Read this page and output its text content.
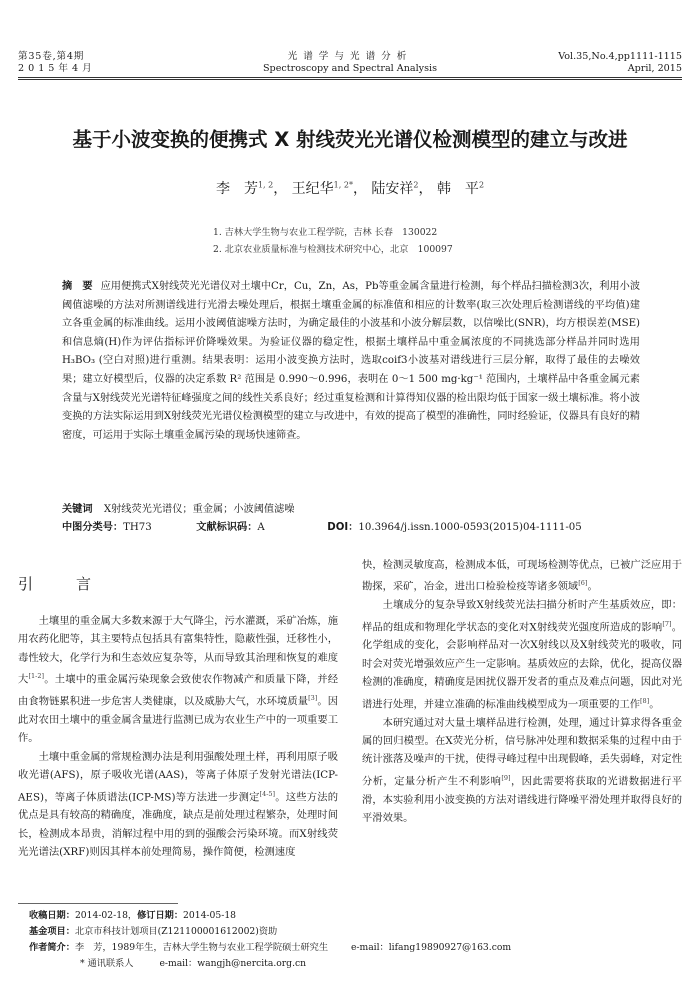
第35卷,第4期
2015年4月
光谱学与光谱分析
Spectroscopy and Spectral Analysis
Vol.35,No.4,pp1111-1115
April, 2015
基于小波变换的便携式 X 射线荧光光谱仪检测模型的建立与改进
李　芳$^{1, 2}$， 王纪华$^{1, 2*}$， 陆安祥$^2$， 韩　平$^2$
1. 吉林大学生物与农业工程学院，吉林 长春　130022
2. 北京农业质量标准与检测技术研究中心，北京　100097
摘　要 应用便携式X射线荧光光谱仪对土壤中Cr，Cu，Zn，As，Pb等重金属含量进行检测，每个样品扫描检测3次，利用小波阈值滤噪的方法对所测谱线进行光滑去噪处理后，根据土壤重金属的标准值和相应的计数率(取三次处理后检测谱线的平均值)建立各重金属的标准曲线。运用小波阈值滤噪方法时，为确定最佳的小波基和小波分解层数，以信噪比(SNR)，均方根误差(MSE)和信息熵(H)作为评估指标评价降噪效果。为验证仪器的稳定性，根据土壤样品中重金属浓度的不同挑选部分样品并同时选用 H₃BO₃ (空白对照)进行重测。结果表明：运用小波变换方法时，选取coif3小波基对谱线进行三层分解，取得了最佳的去噪效果；建立好模型后，仪器的决定系数 R² 范围是 0.990～0.996，表明在 0～1 500 mg·kg⁻¹ 范围内，土壤样品中各重金属元素含量与X射线荧光光谱特征峰强度之间的线性关系良好；经过重复检测和计算得知仪器的检出限均低于国家一级土壤标准。将小波变换的方法实际运用到X射线荧光光谱仪检测模型的建立与改进中，有效的提高了模型的准确性，同时经验证，仪器具有良好的精密度，可运用于实际土壤重金属污染的现场快速筛查。
关键词 X射线荧光光谱仪；重金属；小波阈值滤噪
中图分类号：TH73	文献标识码：A	DOI：10.3964/j.issn.1000-0593(2015)04-1111-05
引　言

土壤里的重金属大多数来源于大气降尘，污水灌溉，采矿冶炼，施用农药化肥等，其主要特点包括具有富集特性，隐蔽性强，迁移性小，毒性较大，化学行为和生态效应复杂等，从而导致其治理和恢复的难度大[1-2]。土壤中的重金属污染现象会致使农作物减产和质量下降，并经由食物链累积进一步危害人类健康，以及威胁大气，水环境质量[3]。因此对农田土壤中的重金属含量进行监测已成为农业生产中的一项重要工作。

土壤中重金属的常规检测办法是利用强酸处理土样，再利用原子吸收光谱(AFS)，原子吸收光谱(AAS)，等离子体原子发射光谱法(ICP-AES)，等离子体质谱法(ICP-MS)等方法进一步测定[4-5]。这些方法的优点是具有较高的精确度，准确度，缺点是前处理过程繁杂，处理时间长，检测成本昂贵，消解过程中用的到的强酸会污染环境。而X射线荧光光谱法(XRF)则因其样本前处理简易，操作简便，检测速度

快，检测灵敏度高，检测成本低，可现场检测等优点，已被广泛应用于勘探，采矿，冶金，进出口检验检疫等诸多领域[6]。

土壤成分的复杂导致X射线荧光法扫描分析时产生基质效应，即：样品的组成和物理化学状态的变化对X射线荧光强度所造成的影响[7]。化学组成的变化，会影响样品对一次X射线以及X射线荧光的吸收，同时会对荧光增强效应产生一定影响。基质效应的去除，优化，提高仪器检测的准确度，精确度是困扰仪器开发者的重点及难点问题，因此对光谱进行处理，并建立准确的标准曲线模型成为一项重要的工作[8]。

本研究通过对大量土壤样品进行检测，处理，通过计算求得各重金属的回归模型。在X荧光分析，信号脉冲处理和数据采集的过程中由于统计涨落及噪声的干扰，使得寻峰过程中出现假峰，丢失弱峰，对定性分析，定量分析产生不利影响[9]，因此需要将获取的光谱数据进行平滑，本实验利用小波变换的方法对谱线进行降噪平滑处理并取得良好的平滑效果。

收稿日期：2014-02-18，修订日期：2014-05-18
基金项目：北京市科技计划项目(Z121100001612002)资助
作者简介：李　芳，1989年生，吉林大学生物与农业工程学院硕士研究生 e-mail：lifang19890927@163.com
* 通讯联系人	e-mail：wangjh@nercita.org.cn
